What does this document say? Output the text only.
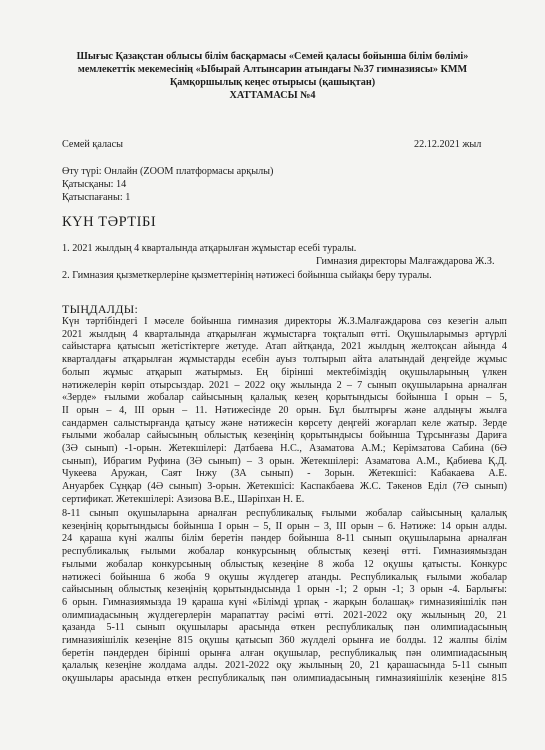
Шығыс Қазақстан облысы білім басқармасы «Семей қаласы бойынша білім бөлімі»
мемлекеттік мекемесінің «Ыбырай Алтынсарин атындағы №37 гимназиясы» КММ
Қамқоршылық кеңес отырысы (қашықтан)
ХАТТАМАСЫ №4
Семей қаласы	22.12.2021 жыл
Өту түрі: Онлайн (ZOOM платформасы арқылы)
Қатысқаны: 14
Қатыспағаны: 1
КҮН ТӘРТІБІ
1. 2021 жылдың 4 кварталында атқарылған жұмыстар есебі туралы.
Гимназия директоры Малғаждарова Ж.З.
2. Гимназия қызметкерлеріне қызметтерінің нәтижесі бойынша сыйақы беру туралы.
ТЫҢДАЛДЫ:
Күн тәртібіндегі I мәселе бойынша гимназия директоры Ж.З.Малғаждарова сөз кезегін алып
2021 жылдың 4 кварталында атқарылған жұмыстарға тоқталып өтті. Оқушыларымыз әртүрлі
сайыстарға қатысып жетістіктерге жетуде. Атап айтқанда, 2021 жылдың желтоқсан айында 4
кварталдағы атқарылған жұмыстарды есебін ауыз толтырып айта алатындай деңгейде жұмыс
болып жұмыс атқарып жатырмыз. Ең бірінші мектебіміздің оқушыларының үлкен
нәтижелерін көріп отырсыздар. 2021 – 2022 оқу жылында 2 – 7 сынып оқушыларына арналған
«Зерде» ғылыми жобалар сайысының қалалық кезең қорытындысы бойынша I орын – 5,
II орын – 4, III орын – 11. Нәтижесінде 20 орын. Бұл былтырғы және алдыңғы жылға
сандармен салыстырғанда қатысу және нәтижесін көрсету деңгейі жоғарлап келе жатыр. Зерде
ғылыми жобалар сайысының облыстық кезеңінің қорытындысы бойынша Тұрсынғазы Дариға
(3Ә сынып) -1-орын. Жетекшілері: Датбаева Н.С., Азаматова А.М.; Керімзатова Сабина (6Ә
сынып), Ибрагим Руфина (3Ә сынып) – 3 орын. Жетекшілері: Азаматова А.М., Қабиева Қ.Д.
Чукеева Аружан, Саят Інжу (3А сынып) - 3орын. Жетекшісі: Кабакаева А.Е.
Ануарбек Сұңқар (4Ә сынып) 3-орын. Жетекшісі: Каспакбаева Ж.С. Тәкенов Еділ (7Ә сынып)
сертификат. Жетекшілері: Азизова В.Е., Шәріпхан Н. Е.
8-11 сынып оқушыларына арналған республикалық ғылыми жобалар сайысының қалалық
кезеңінің қорытындысы бойынша I орын – 5, II орын – 3, III орын – 6. Нәтиже: 14 орын алды.
24 қараша күні жалпы білім беретін пәндер бойынша 8-11 сынып оқушыларына арналған
республикалық ғылыми жобалар конкурсының облыстық кезеңі өтті. Гимназиямыздан
ғылыми жобалар конкурсының облыстық кезеңіне 8 жоба 12 оқушы қатысты. Конкурс
нәтижесі бойынша 6 жоба 9 оқушы жүлдегер атанды. Республикалық ғылыми жобалар
сайысының облыстық кезеңінің қорытындысында 1 орын -1; 2 орын -1; 3 орын -4. Барлығы:
6 орын. Гимназиямызда 19 қараша күні «Білімді ұрпақ - жарқын болашақ» гимназияішілік пән
олимпиадасының жүлдегерлерін марапаттау рәсімі өтті. 2021-2022 оқу жылының 20, 21
қазанда 5-11 сынып оқушылары арасында өткен республикалық пән олимпиадасының
гимназияішілік кезеңіне 815 оқушы қатысып 360 жүлделі орынға ие болды. 12 жалпы білім
беретін пәндерден бірінші орынға алған оқушылар, республикалық пән олимпиадасының
қалалық кезеңіне жолдама алды. 2021-2022 оқу жылының 20, 21 қарашасында 5-11 сынып
оқушылары арасында өткен республикалық пән олимпиадасының гимназияішілік кезеңіне 815
